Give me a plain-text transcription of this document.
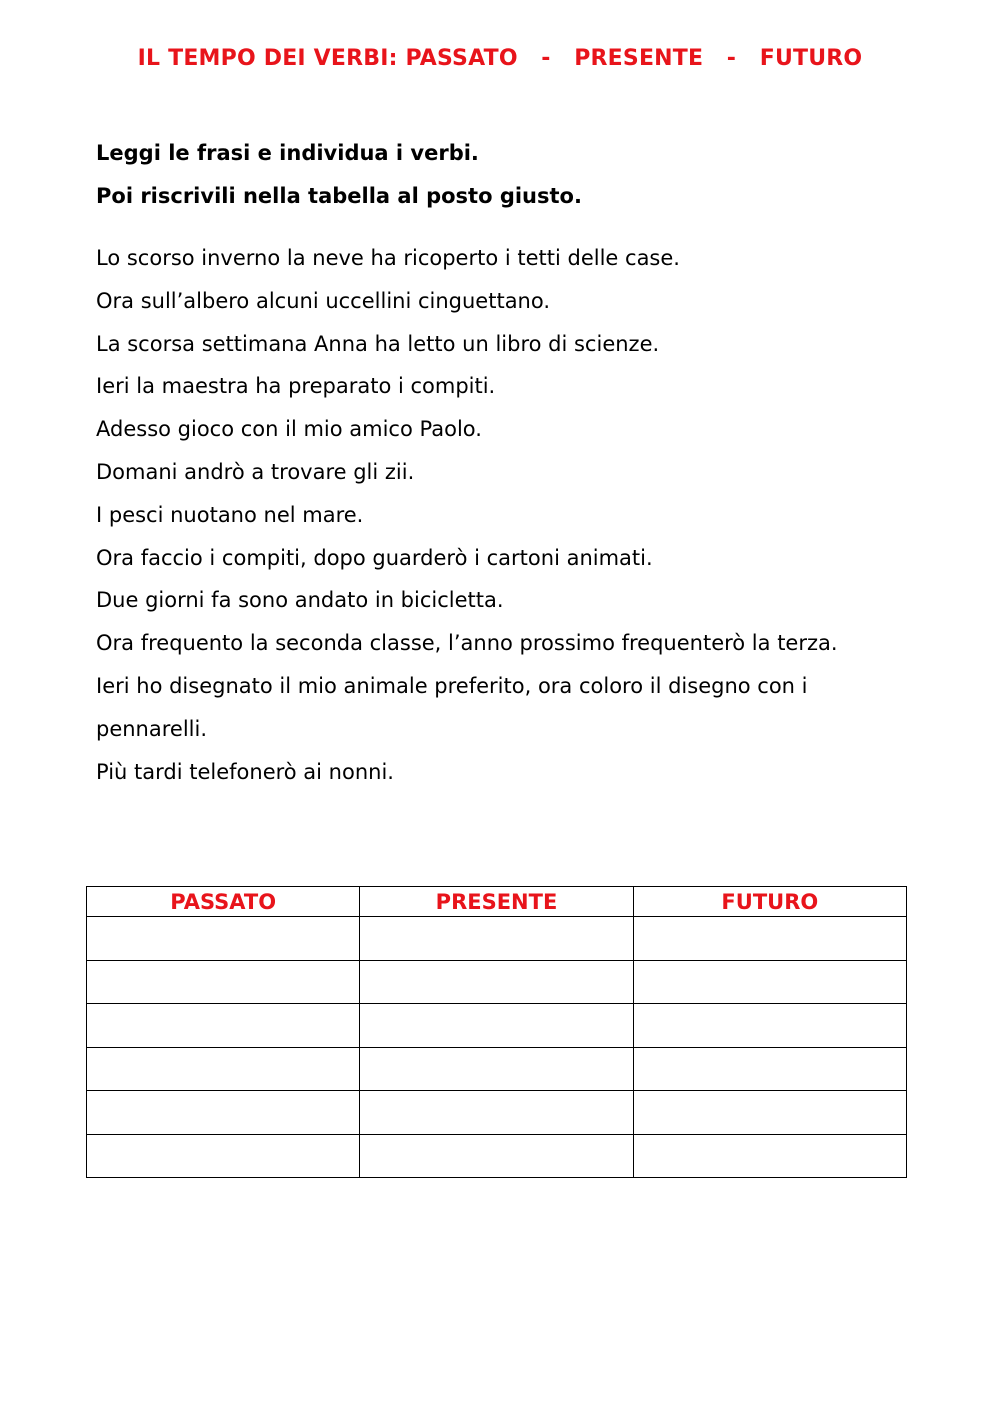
IL TEMPO DEI VERBI: PASSATO   -   PRESENTE   -   FUTURO
Leggi le frasi e individua i verbi.
Poi riscrivili nella tabella al posto giusto.
Lo scorso inverno la neve ha ricoperto i tetti delle case.
Ora sull’albero alcuni uccellini cinguettano.
La scorsa settimana Anna ha letto un libro di scienze.
Ieri la maestra ha preparato i compiti.
Adesso gioco con il mio amico Paolo.
Domani andrò a trovare gli zii.
I pesci nuotano nel mare.
Ora faccio i compiti, dopo guarderò i cartoni animati.
Due giorni fa sono andato in bicicletta.
Ora frequento la seconda classe, l’anno prossimo frequenterò la terza.
Ieri ho disegnato il mio animale preferito, ora coloro il disegno con i pennarelli.
Più tardi telefonerò ai nonni.
PASSATO	PRESENTE	FUTURO
